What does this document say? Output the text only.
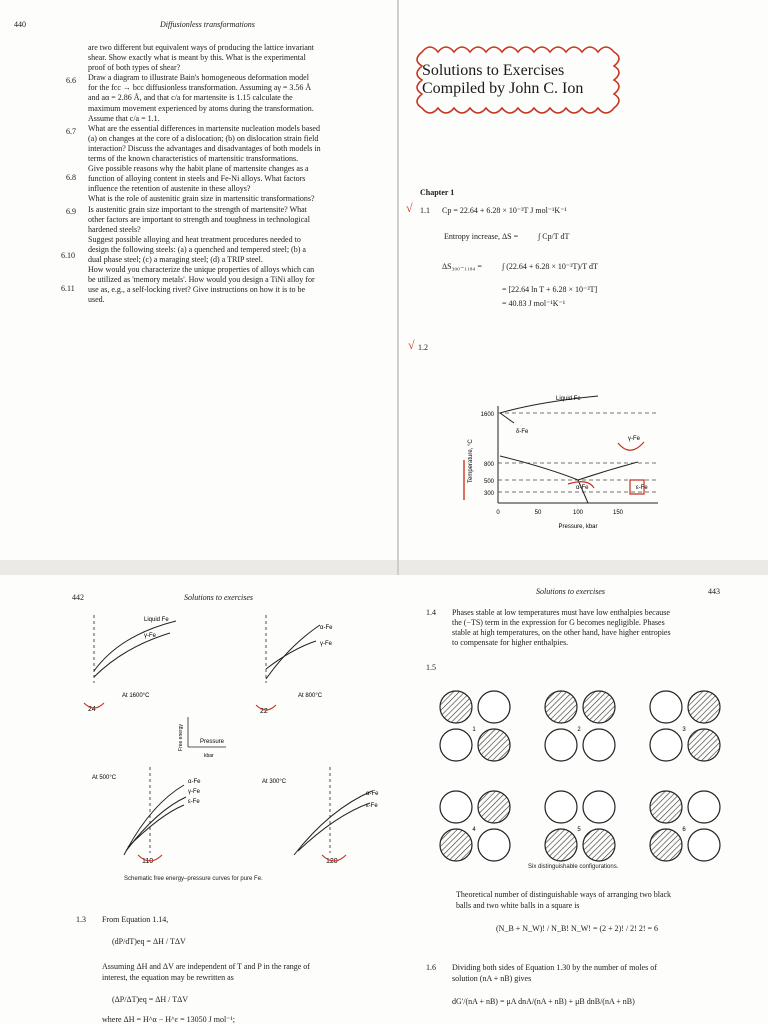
440	Diffusionless transformations
6.6
6.7
6.8
6.9
6.10
6.11
are two different but equivalent ways of producing the lattice invariant
shear. Show exactly what is meant by this. What is the experimental
proof of both types of shear?
Draw a diagram to illustrate Bain's homogeneous deformation model
for the fcc → bcc diffusionless transformation. Assuming aγ = 3.56 Å
and aα = 2.86 Å, and that c/a for martensite is 1.15 calculate the
maximum movement experienced by atoms during the transformation.
Assume that c/a = 1.1.
What are the essential differences in martensite nucleation models based
(a) on changes at the core of a dislocation; (b) on dislocation strain field
interaction? Discuss the advantages and disadvantages of both models in
terms of the known characteristics of martensitic transformations.
Give possible reasons why the habit plane of martensite changes as a
function of alloying content in steels and Fe-Ni alloys. What factors
influence the retention of austenite in these alloys?
What is the role of austenitic grain size in martensitic transformations?
Is austenitic grain size important to the strength of martensite? What
other factors are important to strength and toughness in technological
hardened steels?
Suggest possible alloying and heat treatment procedures needed to
design the following steels: (a) a quenched and tempered steel; (b) a
dual phase steel; (c) a maraging steel; (d) a TRIP steel.
How would you characterize the unique properties of alloys which can
be utilized as 'memory metals'. How would you design a TiNi alloy for
use as, e.g., a self-locking rivet? Give instructions on how it is to be
used.
Solutions to Exercises
Compiled by John C. Ion
Chapter 1
√ 1.1 Cp = 22.64 + 6.28 × 10⁻³T J mol⁻¹K⁻¹
Entropy increase, ΔS = ∫ Cp/T dT
ΔS₃₀₀₋₁₁₈₄ =	∫ (22.64 + 6.28 × 10⁻³T)/T dT
= [22.64 ln T + 6.28 × 10⁻³T]
= 40.83 J mol⁻¹K⁻¹
√ 1.2
1600
800
500
300
0	50	100	150
Pressure, kbar
Liquid Fe
δ-Fe
γ-Fe
α-Fe	ε-Fe
Temperature, °C
442	Solutions to exercises
Liquid Fe
γ-Fe
At 1600°C
24
α-Fe
γ-Fe
At 800°C
22
Free energy	Pressure
kbar
α-Fe
γ-Fe
ε-Fe
At 500°C
110
α-Fe
ε-Fe
At 300°C
120
Schematic free energy–pressure curves for pure Fe.
1.3 From Equation 1.14,
(dP/dT)eq = ΔH / TΔV
Assuming ΔH and ΔV are independent of T and P in the range of
interest, the equation may be rewritten as
(ΔP/ΔT)eq = ΔH / TΔV
where ΔH = H^α − H^ε = 13050 J mol⁻¹;
Solutions to exercises	443
1.4 Phases stable at low temperatures must have low enthalpies because
the (−TS) term in the expression for G becomes negligible. Phases
stable at high temperatures, on the other hand, have higher entropies
to compensate for higher enthalpies.
1.5
1	2	3
4	5	6
Six distinguishable configurations.
Theoretical number of distinguishable ways of arranging two black
balls and two white balls in a square is
(N_B + N_W)! / N_B! N_W! = (2 + 2)! / 2! 2! = 6
1.6 Dividing both sides of Equation 1.30 by the number of moles of
solution (nA + nB) gives
dG'/(nA + nB) = μA dnA/(nA + nB) + μB dnB/(nA + nB)
